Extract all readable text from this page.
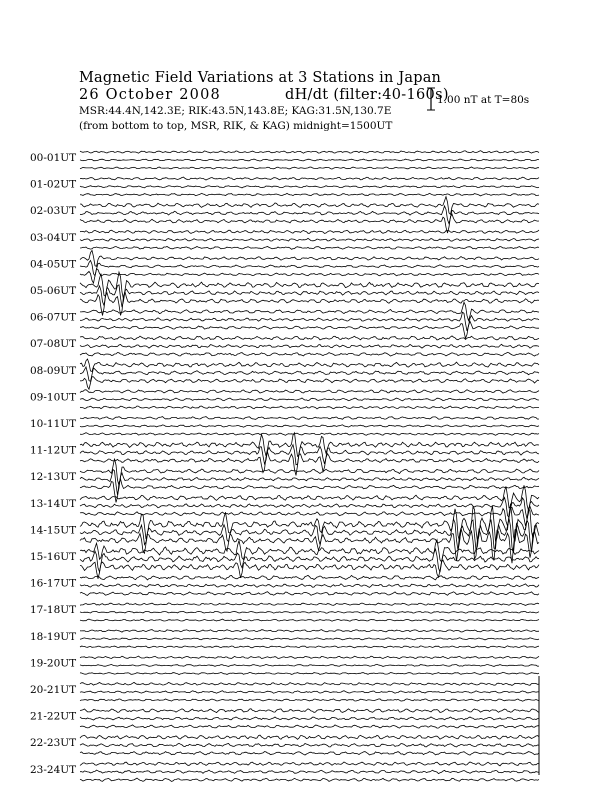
Magnetic Field Variations at 3 Stations in Japan
26 October 2008	dH/dt (filter:40-160s)
MSR:44.4N,142.3E; RIK:43.5N,143.8E; KAG:31.5N,130.7E
(from bottom to top, MSR, RIK, & KAG) midnight=1500UT
1.00 nT at T=80s
00-01UT
01-02UT
02-03UT
03-04UT
04-05UT
05-06UT
06-07UT
07-08UT
08-09UT
09-10UT
10-11UT
11-12UT
12-13UT
13-14UT
14-15UT
15-16UT
16-17UT
17-18UT
18-19UT
19-20UT
20-21UT
21-22UT
22-23UT
23-24UT
